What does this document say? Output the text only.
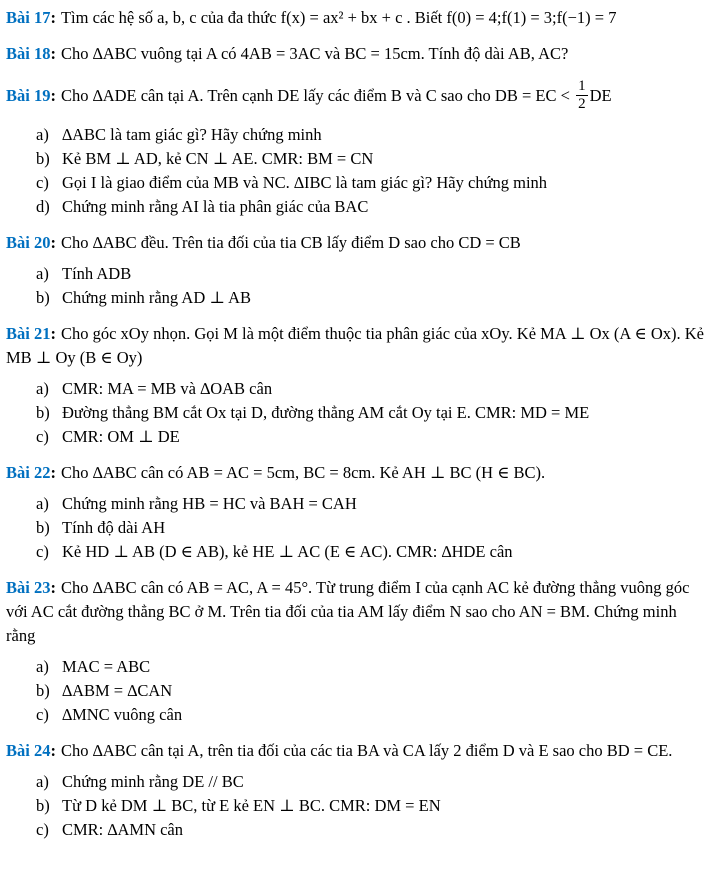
Bài 17: Tìm các hệ số a, b, c của đa thức f(x) = ax² + bx + c . Biết f(0) = 4;f(1) = 3;f(−1) = 7

Bài 18: Cho ∆ABC vuông tại A có 4AB = 3AC và BC = 15cm. Tính độ dài AB, AC?

Bài 19: Cho ∆ADE cân tại A. Trên cạnh DE lấy các điểm B và C sao cho DB = EC < $\frac{1}{2}$ DE

a) ∆ABC là tam giác gì? Hãy chứng minh
b) Kẻ BM ⊥ AD, kẻ CN ⊥ AE. CMR: BM = CN
c) Gọi I là giao điểm của MB và NC. ∆IBC là tam giác gì? Hãy chứng minh
d) Chứng minh rằng AI là tia phân giác của BAC

Bài 20: Cho ∆ABC đều. Trên tia đối của tia CB lấy điểm D sao cho CD = CB

a) Tính ADB
b) Chứng minh rằng AD ⊥ AB

Bài 21: Cho góc xOy nhọn. Gọi M là một điểm thuộc tia phân giác của xOy. Kẻ MA ⊥ Ox (A ∈ Ox). Kẻ MB ⊥ Oy (B ∈ Oy)

a) CMR: MA = MB và ∆OAB cân
b) Đường thẳng BM cắt Ox tại D, đường thẳng AM cắt Oy tại E. CMR: MD = ME
c) CMR: OM ⊥ DE

Bài 22: Cho ∆ABC cân có AB = AC = 5cm, BC = 8cm. Kẻ AH ⊥ BC (H ∈ BC).

a) Chứng minh rằng HB = HC và BAH = CAH
b) Tính độ dài AH
c) Kẻ HD ⊥ AB (D ∈ AB), kẻ HE ⊥ AC (E ∈ AC). CMR: ∆HDE cân

Bài 23: Cho ∆ABC cân có AB = AC, A = 45°. Từ trung điểm I của cạnh AC kẻ đường thẳng vuông góc với AC cắt đường thẳng BC ở M. Trên tia đối của tia AM lấy điểm N sao cho AN = BM. Chứng minh rằng

a) MAC = ABC
b) ∆ABM = ∆CAN
c) ∆MNC vuông cân

Bài 24: Cho ∆ABC cân tại A, trên tia đối của các tia BA và CA lấy 2 điểm D và E sao cho BD = CE.

a) Chứng minh rằng DE // BC
b) Từ D kẻ DM ⊥ BC, từ E kẻ EN ⊥ BC. CMR: DM = EN
c) CMR: ∆AMN cân
